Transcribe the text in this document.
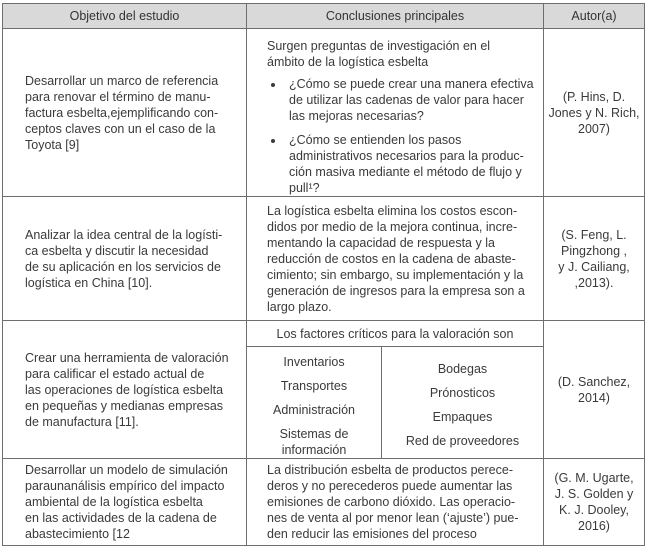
Objetivo del estudio	Conclusiones principales	Autor(a)
Desarrollar un marco de referencia
para renovar el término de manu-
factura esbelta,ejemplificando con-
ceptos claves con un el caso de la
Toyota [9]
Surgen preguntas de investigación en el
ámbito de la logística esbelta
• ¿Cómo se puede crear una manera efectiva
de utilizar las cadenas de valor para hacer
las mejoras necesarias?
• ¿Cómo se entienden los pasos
administrativos necesarios para la produc-
ción masiva mediante el método de flujo y
pull¹?
(P. Hins, D.
Jones y N. Rich,
2007)
Analizar la idea central de la logísti-
ca esbelta y discutir la necesidad
de su aplicación en los servicios de
logística en China [10].
La logística esbelta elimina los costos escon-
didos por medio de la mejora continua, incre-
mentando la capacidad de respuesta y la
reducción de costos en la cadena de abaste-
cimiento; sin embargo, su implementación y la
generación de ingresos para la empresa son a
largo plazo.
(S. Feng, L.
Pingzhong ,
y J. Cailiang,
,2013).
Crear una herramienta de valoración
para calificar el estado actual de
las operaciones de logística esbelta
en pequeñas y medianas empresas
de manufactura [11].
Los factores críticos para la valoración son
Inventarios
Transportes
Administración
Sistemas de
información
Bodegas
Prónosticos
Empaques
Red de proveedores
(D. Sanchez,
2014)
Desarrollar un modelo de simulación
paraunanálisis empírico del impacto
ambiental de la logística esbelta
en las actividades de la cadena de
abastecimiento [12
La distribución esbelta de productos perece-
deros y no perecederos puede aumentar las
emisiones de carbono dióxido. Las operacio-
nes de venta al por menor lean (‘ajuste’) pue-
den reducir las emisiones del proceso
(G. M. Ugarte,
J. S. Golden y
K. J. Dooley,
2016)
